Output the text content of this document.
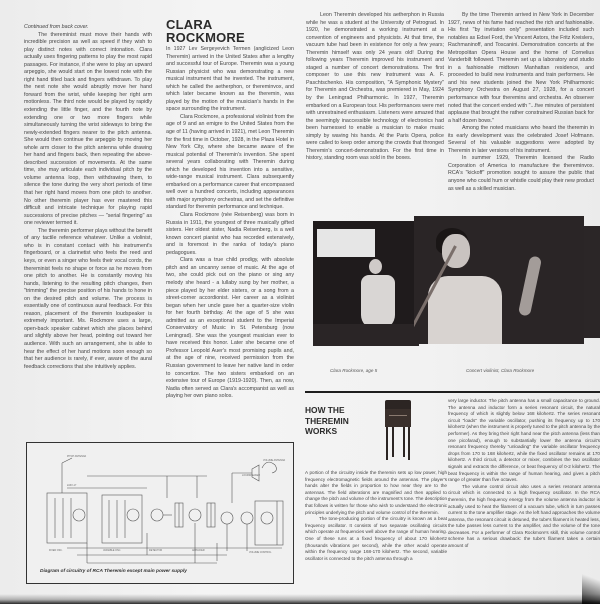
Continued from back cover.

The thereminist must move their hands with incredible precision as well as speed if they wish to play distinct notes with correct intonation. Clara actually uses fingering patterns to play the most rapid passages. For instance, if she were to play an upward arpeggio, she would start on the lowest note with the right hand tilted back and fingers withdrawn. To play the next note she would abruptly move her hand forward from the wrist, while keeping her right arm motionless. The third note would be played by rapidly extending the little finger, and the fourth note by extending one or two more fingers while simultaneously turning the wrist sideways to bring the newly-extended fingers nearer to the pitch antenna. She would then continue the arpeggio by moving her whole arm closer to the pitch antenna while drawing her hand and fingers back, then repeating the above-described succession of movements. At the same time, she may articulate each individual pitch by the volume antenna loop, then withdrawing them, to silence the tone during the very short periods of time that her right hand moves from one pitch to another. No other theremin player has ever mastered this difficult and intricate technique for playing rapid successions of precise pitches — "serial fingering" as one reviewer termed it.

The theremin performer plays without the benefit of any tactile reference whatever. Unlike a violinist, who is in constant contact with his instrument's fingerboard, or a clarinetist who feels the reed and keys, or even a singer who feels their vocal cords, the thereminist feels no shape or force as he moves from one pitch to another. He is constantly moving his hands, listening to the resulting pitch changes, then "trimming" the precise position of his hands to hone in on the desired pitch and volume. The process is essentially one of continuous aural feedback. For this reason, placement of the theremin loudspeaker is extremely important. Ms. Rockmore uses a large, open-back speaker cabinet which she places behind and slightly above her head, pointing out toward her audience. With such an arrangement, she is able to hear the effect of her hand motions soon enough so that her audience is rarely, if ever, aware of the aural feedback corrections that she intuitively applies.

CLARA
ROCKMORE

In 1927 Lev Sergeyevich Termen (anglicized Leon Theremin) arrived in the United States after a lengthy and successful tour of Europe. Theremin was a young Russian physicist who was demonstrating a new musical instrument that he invented. The instrument, which he called the aetherphon, or thereminvox, and which later became known as the theremin, was played by the motion of the musician's hands in the space surrounding the instrument.

Clara Rockmore, a professional violinist from the age of 9 and an emigre to the United States from the age of 11 (having arrived in 1921), met Leon Theremin for the first time in October, 1928, in the Plaza Hotel in New York City, where she became aware of the musical potential of Theremin's invention. She spent several years collaborating with Theremin during which he developed his invention into a sensitive, wide-range musical instrument. Clara subsequently embarked on a performance career that encompassed well over a hundred concerts, including appearances with major symphony orchestras, and set the definitive standard for theremin performance and technique.

Clara Rockmore (née Reisenberg) was born in Russia in 1911, the youngest of three musically gifted sisters. Her oldest sister, Nadia Reisenberg, is a well known concert pianist who has recorded extensively, and is foremost in the ranks of today's piano pedagogues.

Clara was a true child prodigy, with absolute pitch and an uncanny sense of music. At the age of two, she could pick out on the piano or sing any melody she heard - a lullaby sung by her mother, a piece played by her elder sisters, or a song from a street-corner accordionist. Her career as a violinist began when her uncle gave her a quarter-size violin for her fourth birthday. At the age of 5 she was admitted as an exceptional student to the Imperial Conservatory of Music in St. Petersburg (now Leningrad). She was the youngest musician ever to have received this honor. Later she became one of Professor Leopold Auer's most promising pupils and, at the age of nine, received permission from the Russian government to leave her native land in order to concertize. The two sisters embarked on an extensive tour of Europe (1919-1920). Then, as now, Nadia often served as Clara's accompanist as well as playing her own piano solos.

Leon Theremin developed his aetherphon in Russia while he was a student at the University of Petrograd. In 1920, he demonstrated a working instrument at a convention of engineers and physicists. At that time, the vacuum tube had been in existence for only a few years; Theremin himself was only 24 years old! During the following years Theremin improved his instrument and staged a number of concert demonstrations. The first composer to use this new instrument was A. F. Paschtschenko. His composition, "A Symphonic Mystery" for Theremin and Orchestra, was premiered in May, 1924 by the Leningrad Philharmonic. In 1927, Theremin embarked on a European tour. His performances were met with unrestrained enthusiasm. Listeners were amazed that the seemingly inaccessible technology of electronics had been harnessed to enable a musician to make music simply by waving his hands. At the Paris Opera, police were called to keep order among the crowds that thronged Theremin's concert-demonstration. For the first time in history, standing room was sold in the boxes.

By the time Theremin arrived in New York in December 1927, news of his fame had reached the rich and fashionable. His first "by invitation only" presentation included such notables as Edsel Ford, the Vincent Astors, the Fritz Kreislers, Rachmaninoff, and Toscanini. Demonstration concerts at the Metropolitan Opera House and the home of Cornelius Vanderbilt followed. Theremin set up a laboratory and studio in a fashionable midtown Manhattan residence, and proceeded to build new instruments and train performers. He and his new students joined the New York Philharmonic Symphony Orchestra on August 27, 1928, for a concert performance with four theremins and orchestra. An observer noted that the concert ended with "...five minutes of persistent applause that brought the rather constrained Russian back for a half dozen bows."

Among the noted musicians who heard the theremin in its early development was the celebrated Josef Hofmann. Several of his valuable suggestions were adopted by Theremin in later versions of his instrument.

In summer 1929, Theremin licensed the Radio Corporation of America to manufacture the thereminvox. RCA's "kickoff" promotion sought to assure the public that anyone who could hum or whistle could play their new product as well as a skilled musician.

Clara Rockmore, age 5	Concert violinist, Clara Rockmore
HOW THE
THEREMIN
WORKS

A portion of the circuitry inside the theremin sets up low power, high frequency electromagnetic fields around the antennas. The player's hands alter the fields in proportion to how near they are to the antennas. The field alterations are magnified and then applied to change the pitch and volume of the instrument's tone. The description that follows is written for those who wish to understand the electronic principles underlying the pitch and volume control of the theremin.

The tone-producing portion of the circuitry is known as a beat frequency oscillator. It consists of two separate oscillating circuits which operate at frequencies well above the range of human hearing. One of these runs at a fixed frequency of about 170 kilohertz (thousands vibrations per second), while the other would operate within the frequency range 168-170 kilohertz. The second, variable oscillator is connected to the pitch antenna through a

very large inductor. The pitch antenna has a small capacitance to ground. The antenna and inductor form a series resonant circuit, the natural frequency of which is slightly below 168 kilohertz. The series resonant circuit "loads" the variable oscillator, pushing its frequency up to 170 kilohertz (when the instrument is properly tuned to the pitch antenna by the performer). As they bring their right hand near the pitch antenna (less than one picofarad), enough to substantially lower the antenna circuit's resonant frequency thereby "unloading" the variable oscillator frequency drops from 170 to 168 kilohertz, while the fixed oscillator remains at 170 kilohertz. A third circuit, a detector or mixer, combines the two oscillator signals and extracts the difference, or beat frequency of 0-2 kilohertz. The beat frequency is within the range of human hearing, and gives a pitch range of greater than five octaves.

The volume control circuit also uses a series resonant antenna circuit which is connected to a high frequency oscillator. In the RCA theremin, the high frequency energy from the volume antenna inductor is actually used to heat the filament of a vacuum tube, which in turn passes current to the tone amplifier stage. As the left hand approaches the volume antenna, the resonant circuit is detuned, the tube's filament is heated less, the tube passes less current to the amplifier, and the volume of the tone decreases. For a performer of Clara Rockmore's skill, this volume control scheme has a serious drawback: the tube's filament takes a certain amount of

PITCH ANTENNA
2A3X-17
FIXED OSC.	VARIABLE OSC.	DETECTOR	AMPLIFIER
LOUDSPEAKER
VOLUME ANTENNA
VOLUME CONTROL
Diagram of circuitry of RCA Theremin except main power supply
